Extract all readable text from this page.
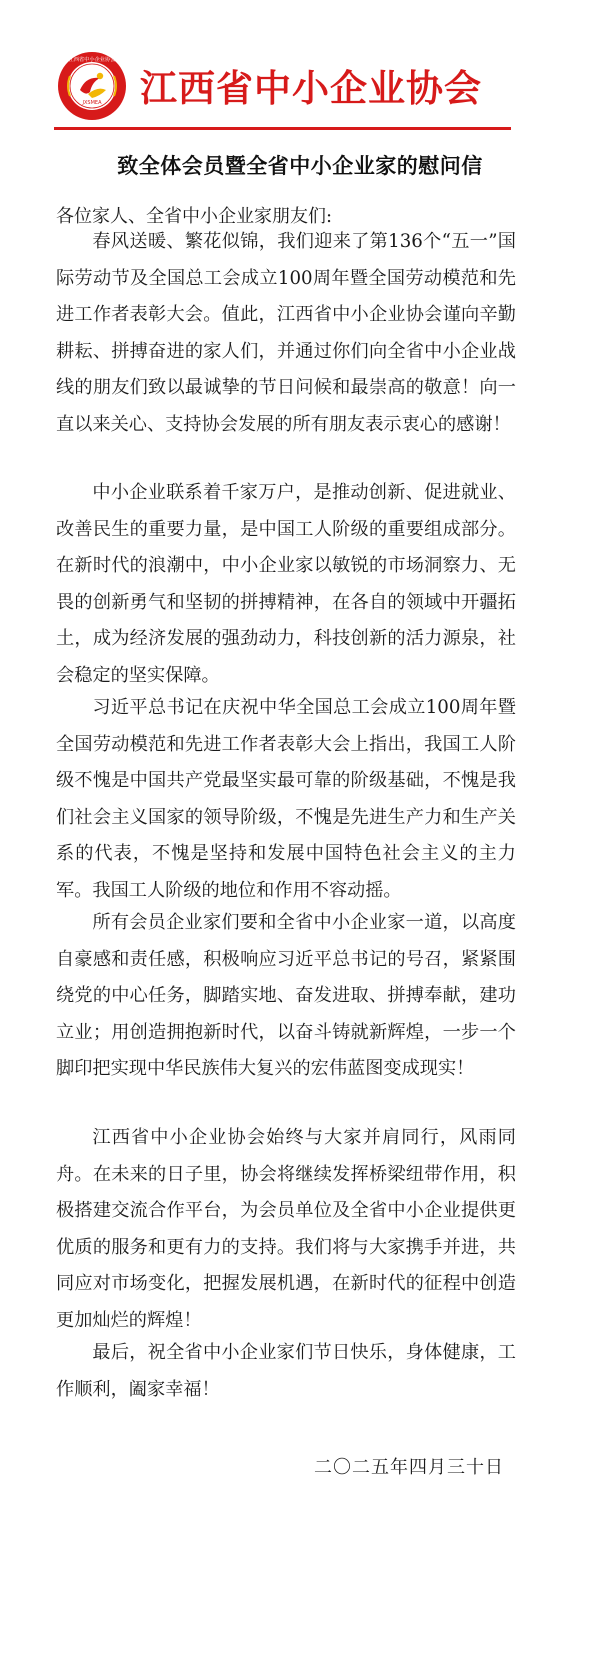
JXSMEA
江西省中小企业协会
江西省中小企业协会
致全体会员暨全省中小企业家的慰问信
各位家人、全省中小企业家朋友们:

春风送暖、繁花似锦，我们迎来了第136个“五一”国际劳动节及全国总工会成立100周年暨全国劳动模范和先进工作者表彰大会。值此，江西省中小企业协会谨向辛勤耕耘、拼搏奋进的家人们，并通过你们向全省中小企业战线的朋友们致以最诚挚的节日问候和最崇高的敬意！向一直以来关心、支持协会发展的所有朋友表示衷心的感谢！

中小企业联系着千家万户，是推动创新、促进就业、改善民生的重要力量，是中国工人阶级的重要组成部分。在新时代的浪潮中，中小企业家以敏锐的市场洞察力、无畏的创新勇气和坚韧的拼搏精神，在各自的领域中开疆拓土，成为经济发展的强劲动力，科技创新的活力源泉，社会稳定的坚实保障。

习近平总书记在庆祝中华全国总工会成立100周年暨全国劳动模范和先进工作者表彰大会上指出，我国工人阶级不愧是中国共产党最坚实最可靠的阶级基础，不愧是我们社会主义国家的领导阶级，不愧是先进生产力和生产关系的代表，不愧是坚持和发展中国特色社会主义的主力军。我国工人阶级的地位和作用不容动摇。

所有会员企业家们要和全省中小企业家一道，以高度自豪感和责任感，积极响应习近平总书记的号召，紧紧围绕党的中心任务，脚踏实地、奋发进取、拼搏奉献，建功立业；用创造拥抱新时代，以奋斗铸就新辉煌，一步一个脚印把实现中华民族伟大复兴的宏伟蓝图变成现实！

江西省中小企业协会始终与大家并肩同行，风雨同舟。在未来的日子里，协会将继续发挥桥梁纽带作用，积极搭建交流合作平台，为会员单位及全省中小企业提供更优质的服务和更有力的支持。我们将与大家携手并进，共同应对市场变化，把握发展机遇，在新时代的征程中创造更加灿烂的辉煌！

最后，祝全省中小企业家们节日快乐，身体健康，工作顺利，阖家幸福！

二〇二五年四月三十日
